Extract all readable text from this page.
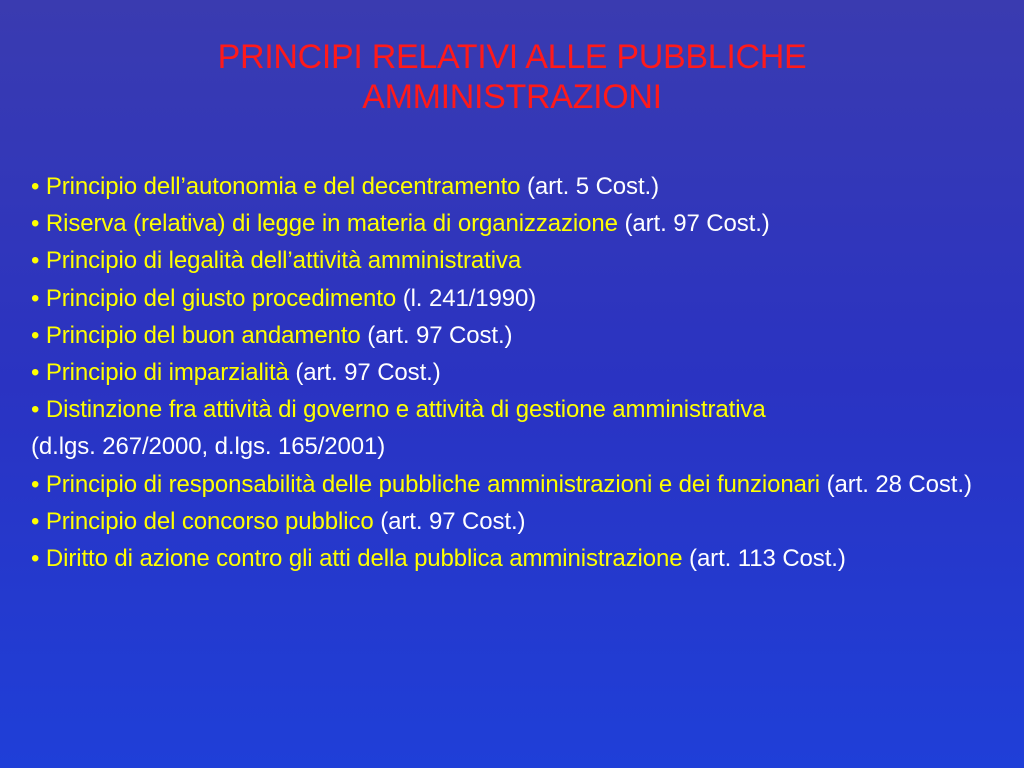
PRINCIPI RELATIVI ALLE PUBBLICHE
AMMINISTRAZIONI
• Principio dell’autonomia e del decentramento (art. 5 Cost.)
• Riserva (relativa) di legge in materia di organizzazione (art. 97 Cost.)
• Principio di legalità dell’attività amministrativa
• Principio del giusto procedimento (l. 241/1990)
• Principio del buon andamento (art. 97 Cost.)
• Principio di imparzialità (art. 97 Cost.)
• Distinzione fra attività di governo e attività di gestione amministrativa
(d.lgs. 267/2000, d.lgs. 165/2001)
• Principio di responsabilità delle pubbliche amministrazioni e dei funzionari (art. 28 Cost.)
• Principio del concorso pubblico (art. 97 Cost.)
• Diritto di azione contro gli atti della pubblica amministrazione (art. 113 Cost.)
